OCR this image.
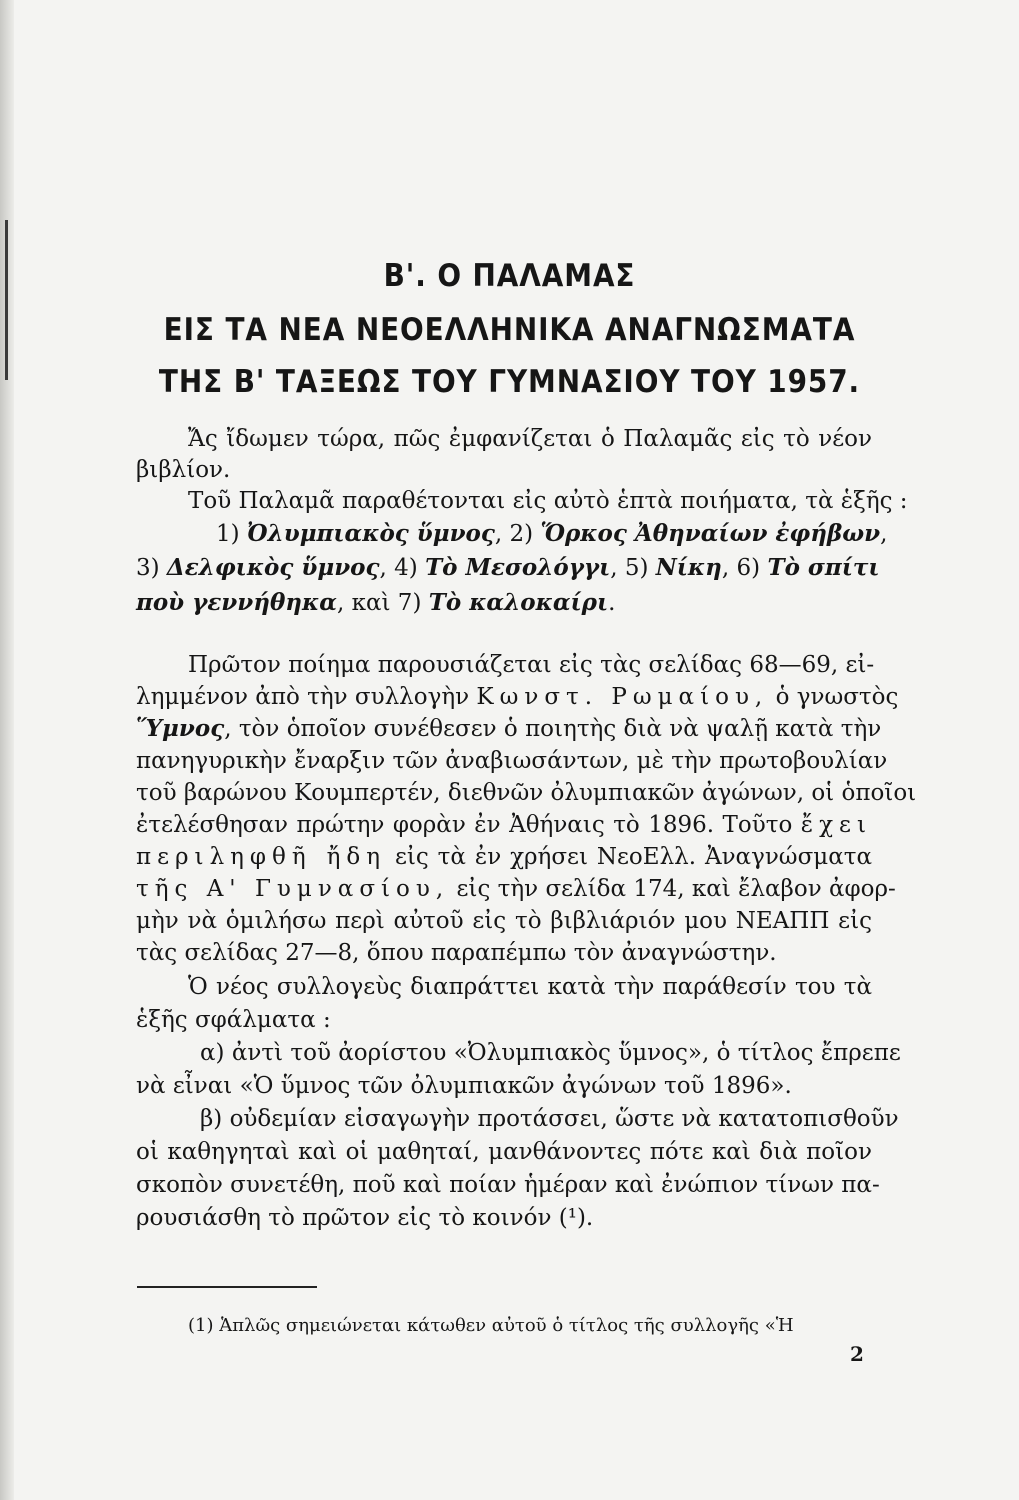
Β'. Ο ΠΑΛΑΜΑΣ
ΕΙΣ ΤΑ ΝΕΑ ΝΕΟΕΛΛΗΝΙΚΑ ΑΝΑΓΝΩΣΜΑΤΑ
ΤΗΣ Β' ΤΑΞΕΩΣ ΤΟΥ ΓΥΜΝΑΣΙΟΥ ΤΟΥ 1957.
Ἄς ἴδωμεν τώρα, πῶς ἐμφανίζεται ὁ Παλαμᾶς εἰς τὸ νέον
βιβλίον.
Τοῦ Παλαμᾶ παραθέτονται εἰς αὐτὸ ἑπτὰ ποιήματα, τὰ ἑξῆς :
1) Ὀλυμπιακὸς ὕμνος, 2) Ὅρκος Ἀθηναίων ἐφήβων,
3) Δελφικὸς ὕμνος, 4) Τὸ Μεσολόγγι, 5) Νίκη, 6) Τὸ σπίτι
ποὺ γεννήθηκα, καὶ 7) Τὸ καλοκαίρι.
Πρῶτον ποίημα παρουσιάζεται εἰς τὰς σελίδας 68—69, εἰ-
λημμένον ἀπὸ τὴν συλλογὴν Κωνστ. Ρωμαίου, ὁ γνωστὸς
Ὕμνος, τὸν ὁποῖον συνέθεσεν ὁ ποιητὴς διὰ νὰ ψαλῇ κατὰ τὴν
πανηγυρικὴν ἔναρξιν τῶν ἀναβιωσάντων, μὲ τὴν πρωτοβουλίαν
τοῦ βαρώνου Κουμπερτέν, διεθνῶν ὀλυμπιακῶν ἀγώνων, οἱ ὁποῖοι
ἐτελέσθησαν πρώτην φορὰν ἐν Ἀθήναις τὸ 1896. Τοῦτο ἔχει
περιληφθῆ ἤδη εἰς τὰ ἐν χρήσει ΝεοΕλλ. Ἀναγνώσματα
τῆς Α' Γυμνασίου, εἰς τὴν σελίδα 174, καὶ ἔλαβον ἀφορ-
μὴν νὰ ὁμιλήσω περὶ αὐτοῦ εἰς τὸ βιβλιάριόν μου ΝΕΑΠΠ εἰς
τὰς σελίδας 27—8, ὅπου παραπέμπω τὸν ἀναγνώστην.
Ὁ νέος συλλογεὺς διαπράττει κατὰ τὴν παράθεσίν του τὰ
ἑξῆς σφάλματα :
α) ἀντὶ τοῦ ἀορίστου «Ὀλυμπιακὸς ὕμνος», ὁ τίτλος ἔπρεπε
νὰ εἶναι «Ὁ ὕμνος τῶν ὀλυμπιακῶν ἀγώνων τοῦ 1896».
β) οὐδεμίαν εἰσαγωγὴν προτάσσει, ὥστε νὰ κατατοπισθοῦν
οἱ καθηγηταὶ καὶ οἱ μαθηταί, μανθάνοντες πότε καὶ διὰ ποῖον
σκοπὸν συνετέθη, ποῦ καὶ ποίαν ἡμέραν καὶ ἐνώπιον τίνων πα-
ρουσιάσθη τὸ πρῶτον εἰς τὸ κοινόν (¹).
(1) Ἁπλῶς σημειώνεται κάτωθεν αὐτοῦ ὁ τίτλος τῆς συλλογῆς «Ἡ
2
